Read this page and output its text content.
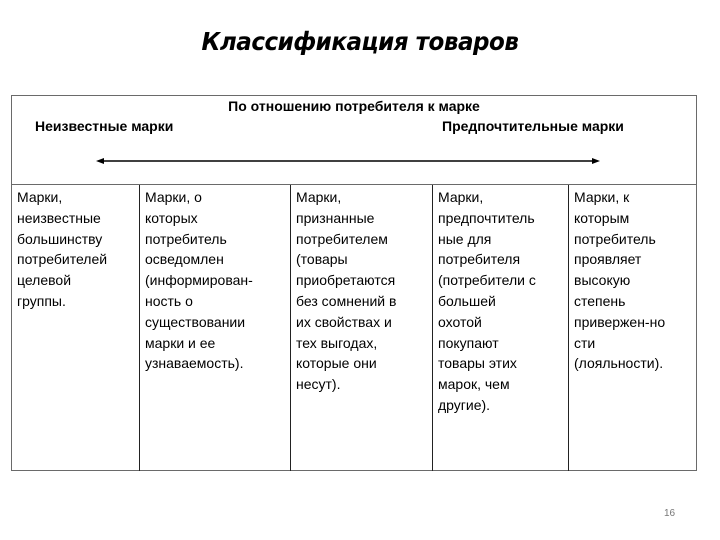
Классификация товаров
По отношению потребителя к марке
Неизвестные марки	Предпочтительные марки

Марки,

неизвестные

большинству

потребителей

целевой

группы.

Марки, о

которых

потребитель

осведомлен

(информирован-

ность о

существовании

марки и ее

узнаваемость).

Марки,

признанные

потребителем

(товары

приобретаются

без сомнений в

их свойствах и

тех выгодах,

которые они

несут).

Марки,

предпочтитель

ные для

потребителя

(потребители с

большей

охотой

покупают

товары этих

марок, чем

другие).

Марки, к

которым

потребитель

проявляет

высокую

степень

привержен-но

сти

(лояльности).

16
